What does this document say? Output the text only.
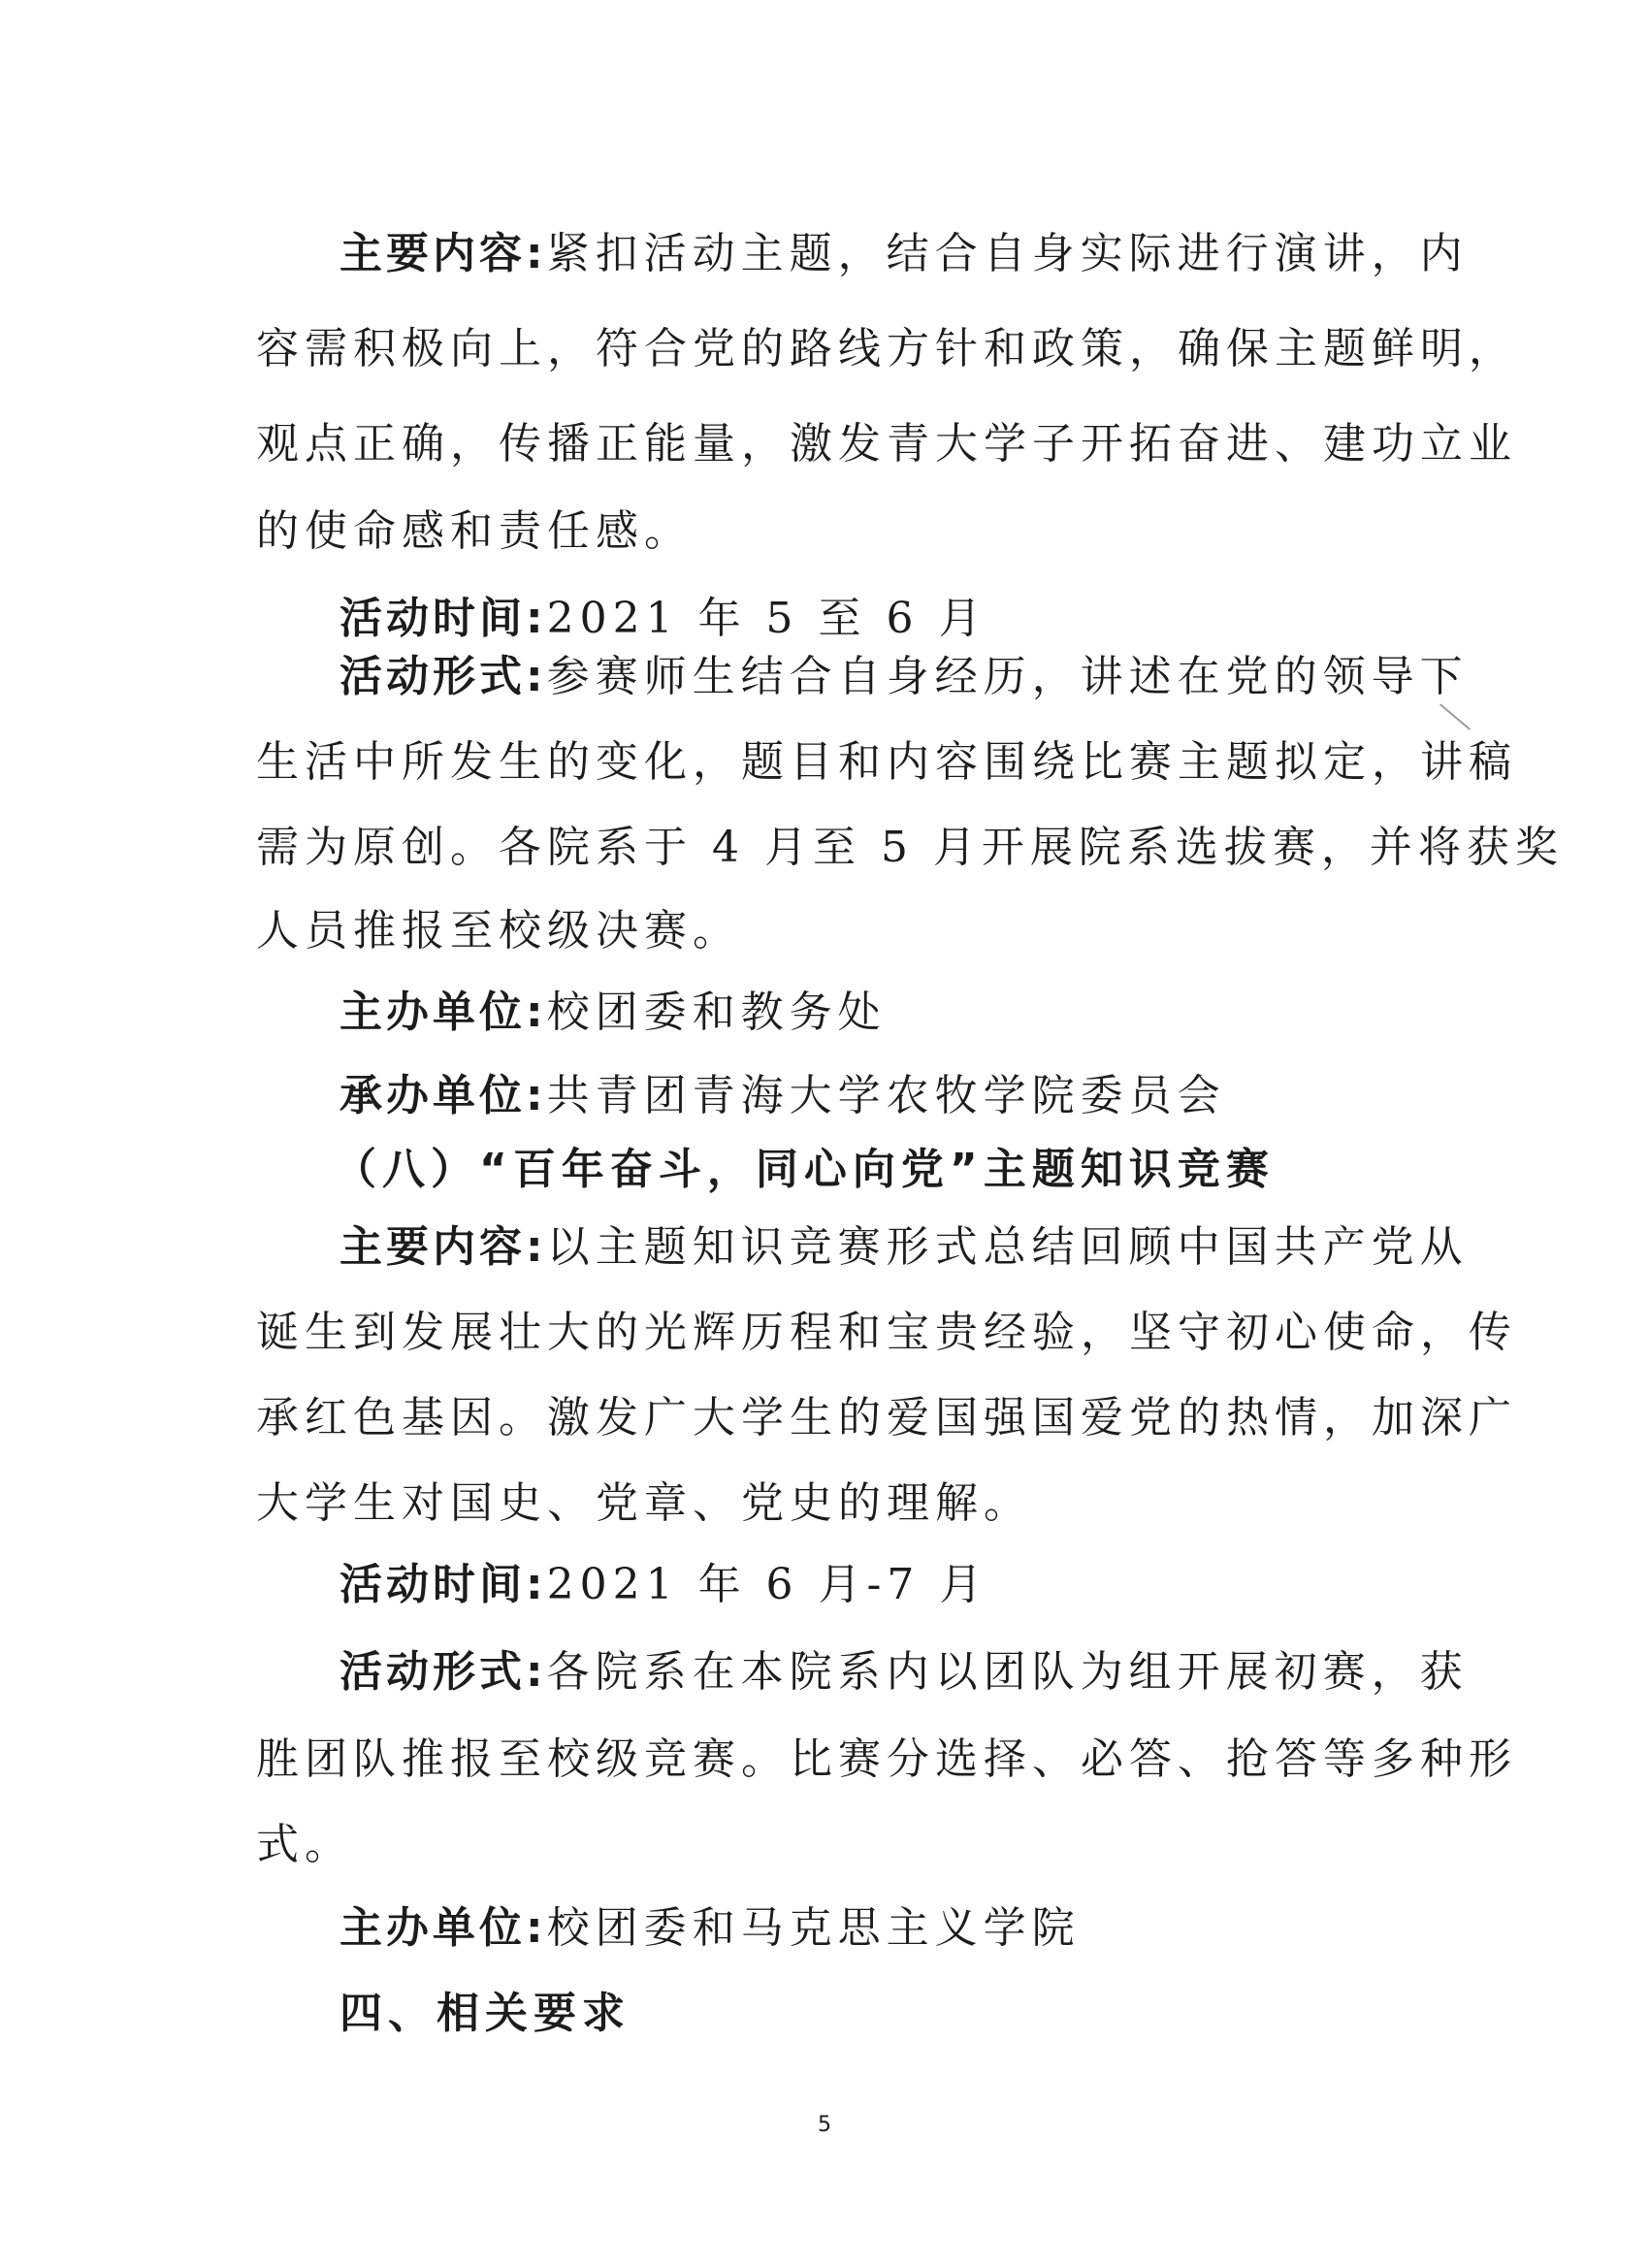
主要内容:紧扣活动主题，结合自身实际进行演讲，内
容需积极向上，符合党的路线方针和政策，确保主题鲜明，
观点正确，传播正能量，激发青大学子开拓奋进、建功立业
的使命感和责任感。
活动时间:2021 年 5 至 6 月
活动形式:参赛师生结合自身经历，讲述在党的领导下
生活中所发生的变化，题目和内容围绕比赛主题拟定，讲稿
需为原创。各院系于 4 月至 5 月开展院系选拔赛，并将获奖
人员推报至校级决赛。
主办单位:校团委和教务处
承办单位:共青团青海大学农牧学院委员会
（八）“百年奋斗，同心向党”主题知识竞赛
主要内容:以主题知识竞赛形式总结回顾中国共产党从
诞生到发展壮大的光辉历程和宝贵经验，坚守初心使命，传
承红色基因。激发广大学生的爱国强国爱党的热情，加深广
大学生对国史、党章、党史的理解。
活动时间:2021 年 6 月-7 月
活动形式:各院系在本院系内以团队为组开展初赛，获
胜团队推报至校级竞赛。比赛分选择、必答、抢答等多种形
式。
主办单位:校团委和马克思主义学院
四、相关要求
5
